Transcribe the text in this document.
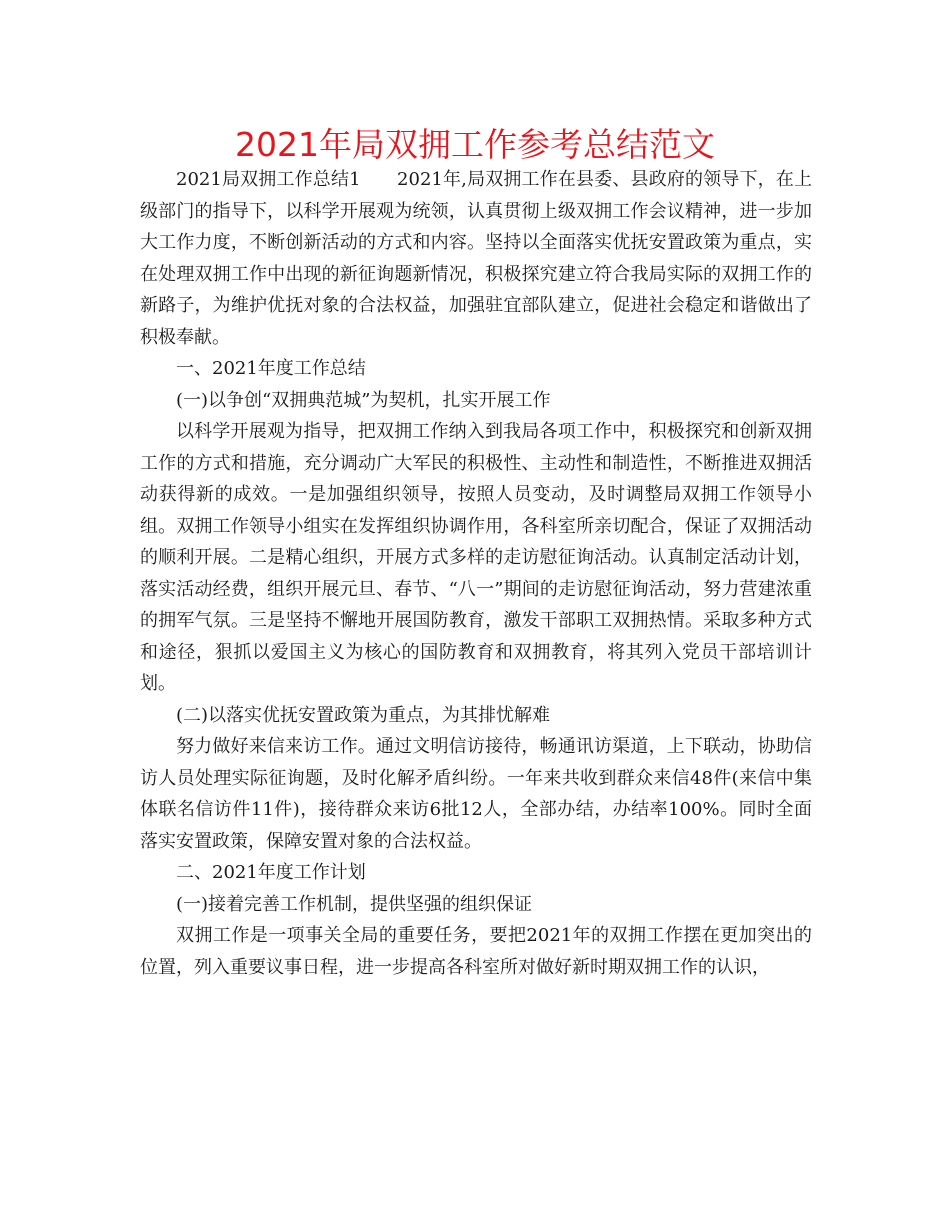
2021年局双拥工作参考总结范文

2021局双拥工作总结1　　2021年,局双拥工作在县委、县政府的领导下，在上级部门的指导下，以科学开展观为统领，认真贯彻上级双拥工作会议精神，进一步加大工作力度，不断创新活动的方式和内容。坚持以全面落实优抚安置政策为重点，实在处理双拥工作中出现的新征询题新情况，积极探究建立符合我局实际的双拥工作的新路子，为维护优抚对象的合法权益，加强驻宜部队建立，促进社会稳定和谐做出了积极奉献。

一、2021年度工作总结

(一)以争创“双拥典范城”为契机，扎实开展工作

以科学开展观为指导，把双拥工作纳入到我局各项工作中，积极探究和创新双拥工作的方式和措施，充分调动广大军民的积极性、主动性和制造性，不断推进双拥活动获得新的成效。一是加强组织领导，按照人员变动，及时调整局双拥工作领导小组。双拥工作领导小组实在发挥组织协调作用，各科室所亲切配合，保证了双拥活动的顺利开展。二是精心组织，开展方式多样的走访慰征询活动。认真制定活动计划，落实活动经费，组织开展元旦、春节、“八一”期间的走访慰征询活动，努力营建浓重的拥军气氛。三是坚持不懈地开展国防教育，激发干部职工双拥热情。采取多种方式和途径，狠抓以爱国主义为核心的国防教育和双拥教育，将其列入党员干部培训计划。

(二)以落实优抚安置政策为重点，为其排忧解难

努力做好来信来访工作。通过文明信访接待，畅通讯访渠道，上下联动，协助信访人员处理实际征询题，及时化解矛盾纠纷。一年来共收到群众来信48件(来信中集体联名信访件11件)，接待群众来访6批12人，全部办结，办结率100%。同时全面落实安置政策，保障安置对象的合法权益。

二、2021年度工作计划

(一)接着完善工作机制，提供坚强的组织保证

双拥工作是一项事关全局的重要任务，要把2021年的双拥工作摆在更加突出的位置，列入重要议事日程，进一步提高各科室所对做好新时期双拥工作的认识，
